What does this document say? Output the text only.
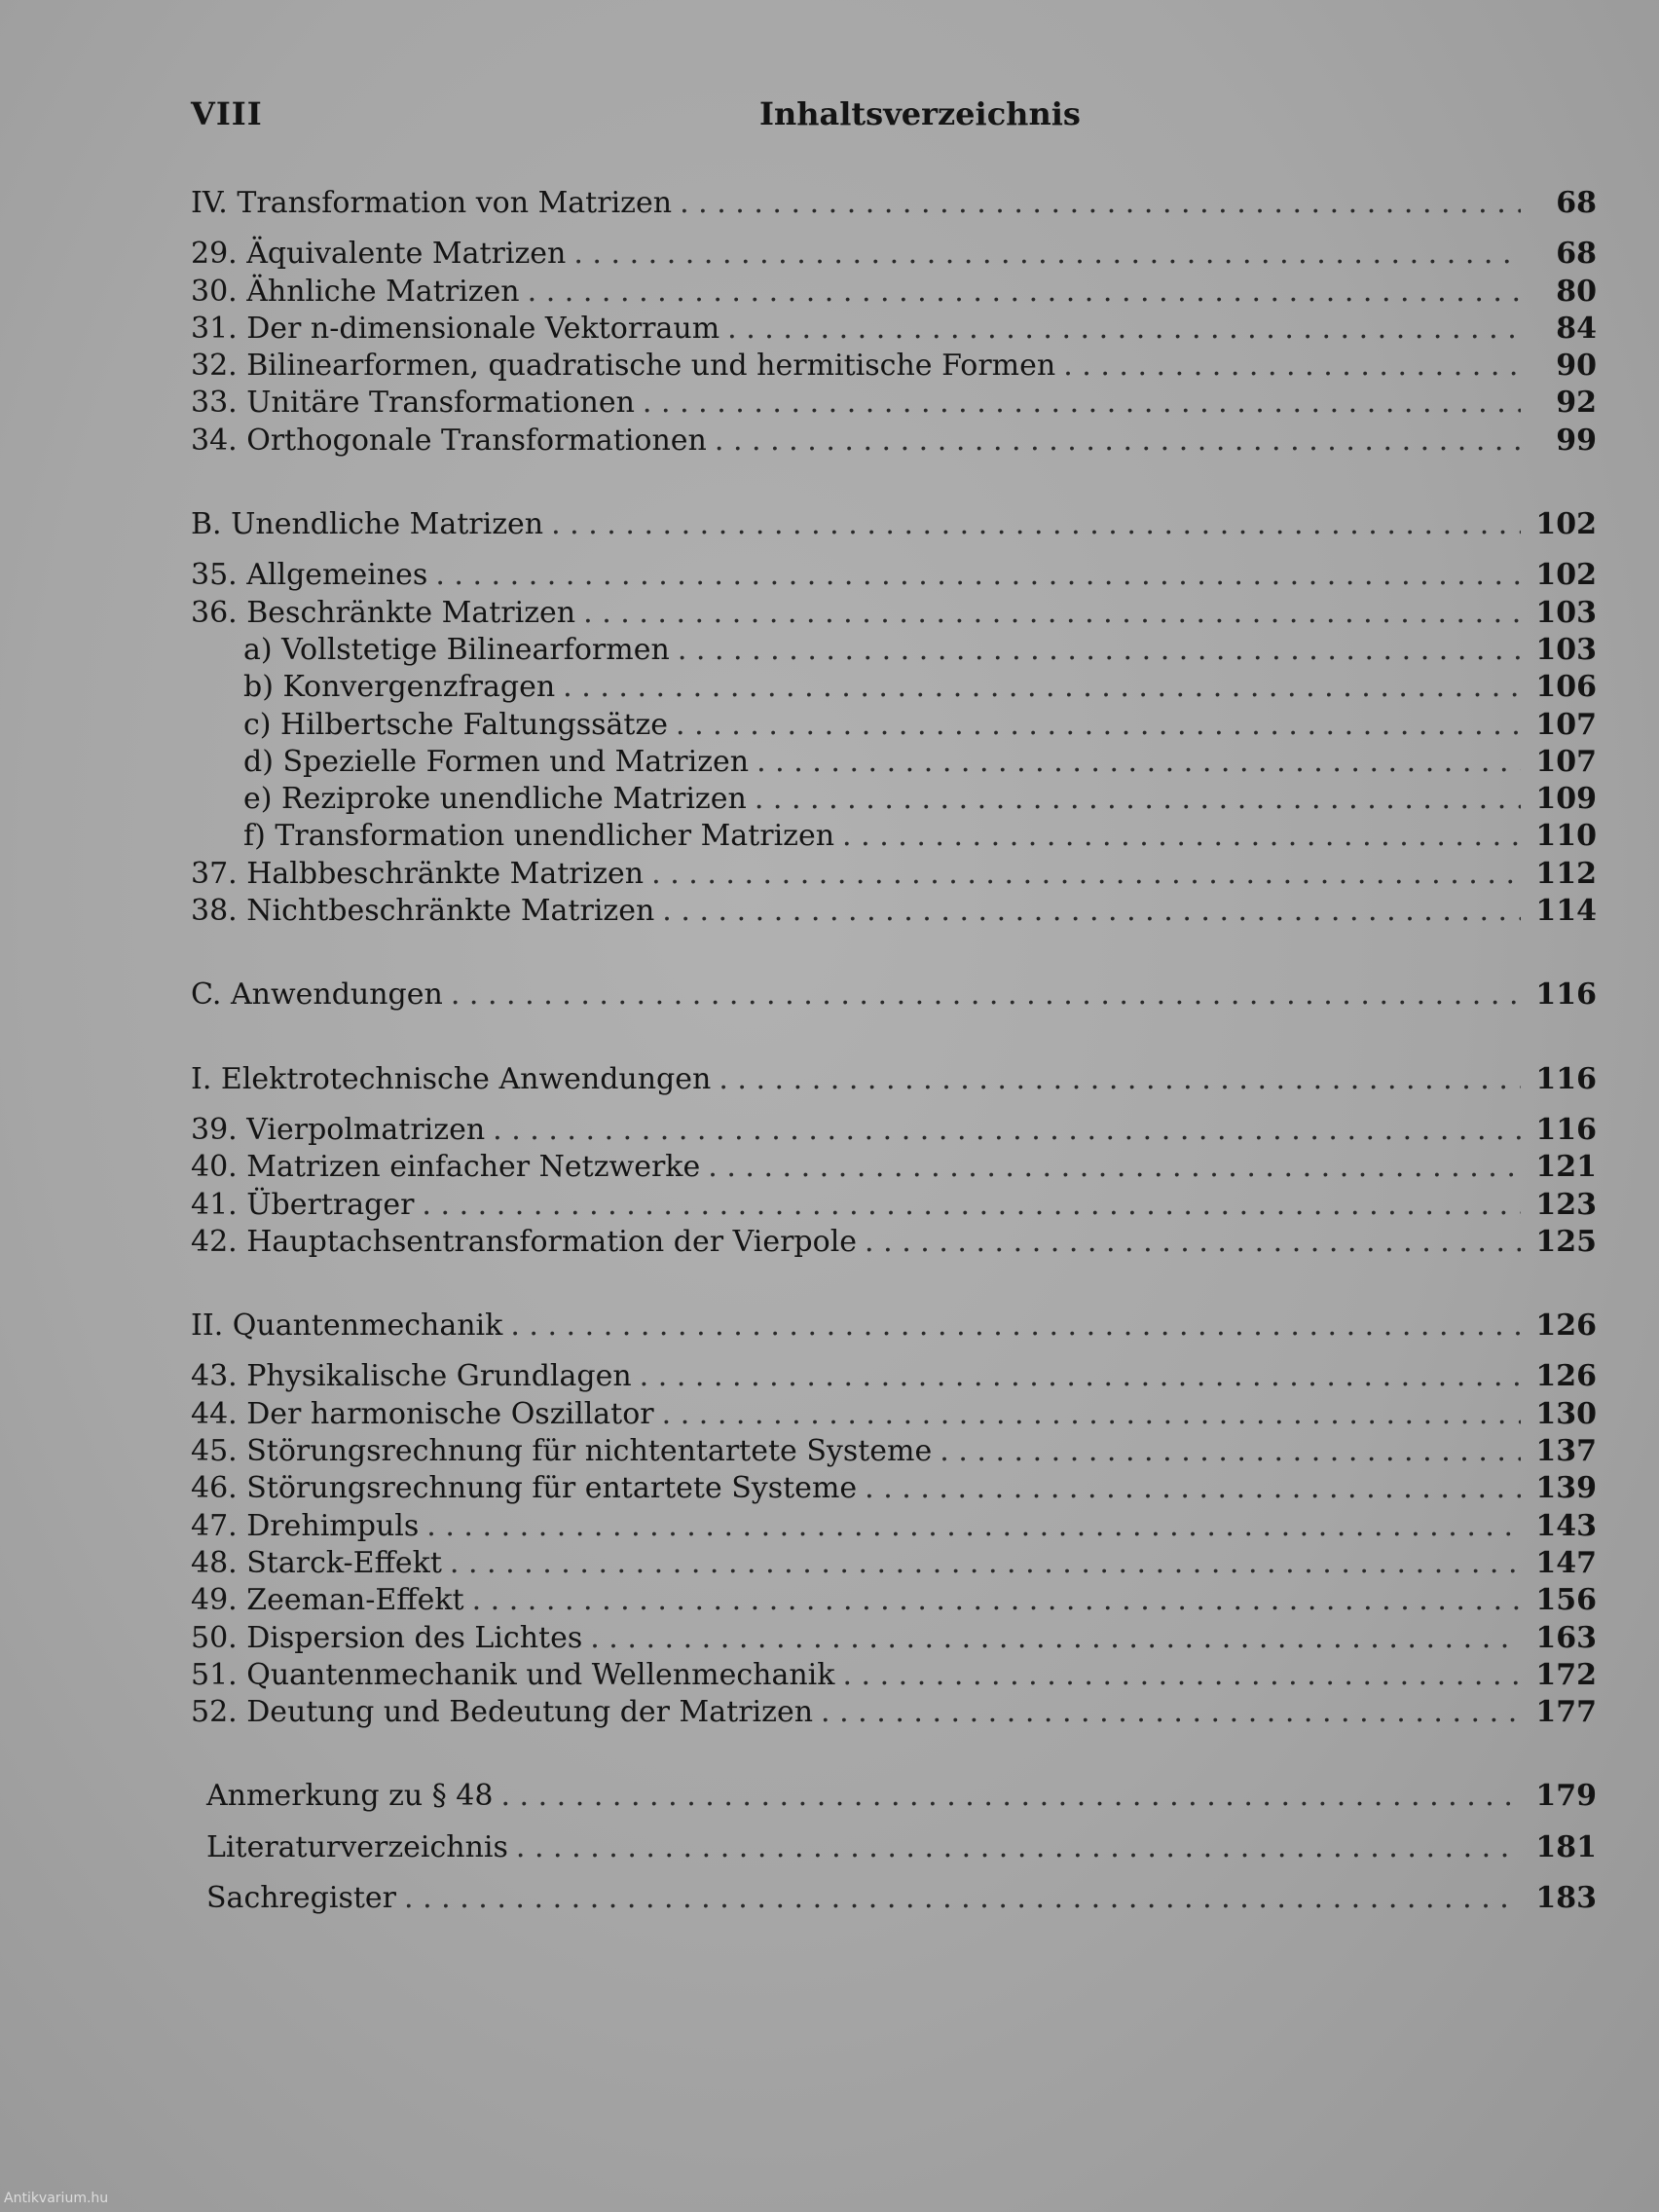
VIII	Inhaltsverzeichnis
IV. Transformation von Matrizen . . .	68
29. Äquivalente Matrizen . . .	68
30. Ähnliche Matrizen . . .	80
31. Der n-dimensionale Vektorraum . . .	84
32. Bilinearformen, quadratische und hermitische Formen . . .	90
33. Unitäre Transformationen . . .	92
34. Orthogonale Transformationen . . .	99
B. Unendliche Matrizen . . .	102
35. Allgemeines . . .	102
36. Beschränkte Matrizen . . .	103
a) Vollstetige Bilinearformen . . .	103
b) Konvergenzfragen . . .	106
c) Hilbertsche Faltungssätze . . .	107
d) Spezielle Formen und Matrizen . . .	107
e) Reziproke unendliche Matrizen . . .	109
f) Transformation unendlicher Matrizen . . .	110
37. Halbbeschränkte Matrizen . . .	112
38. Nichtbeschränkte Matrizen . . .	114
C. Anwendungen . . .	116
I. Elektrotechnische Anwendungen . . .	116
39. Vierpolmatrizen . . .	116
40. Matrizen einfacher Netzwerke . . .	121
41. Übertrager . . .	123
42. Hauptachsentransformation der Vierpole . . .	125
II. Quantenmechanik . . .	126
43. Physikalische Grundlagen . . .	126
44. Der harmonische Oszillator . . .	130
45. Störungsrechnung für nichtentartete Systeme . . .	137
46. Störungsrechnung für entartete Systeme . . .	139
47. Drehimpuls . . .	143
48. Starck-Effekt . . .	147
49. Zeeman-Effekt . . .	156
50. Dispersion des Lichtes . . .	163
51. Quantenmechanik und Wellenmechanik . . .	172
52. Deutung und Bedeutung der Matrizen . . .	177
Anmerkung zu § 48 . . .	179
Literaturverzeichnis . . .	181
Sachregister . . .	183
Antikvarium.hu
